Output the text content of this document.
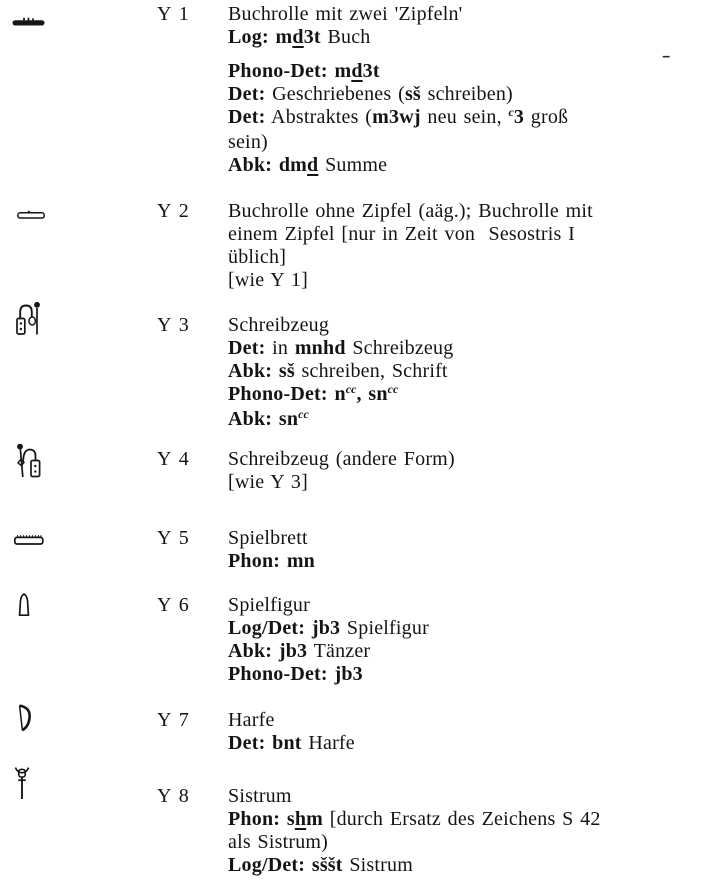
-
Y 1 Buchrolle mit zwei 'Zipfeln'
Log: md3t Buch
Phono-Det: md3t
Det: Geschriebenes (sš schreiben)
Det: Abstraktes (m3wj neu sein, $^c$3 groß
sein)
Abk: dmd Summe
Y 2 Buchrolle ohne Zipfel (aäg.); Buchrolle mit
einem Zipfel [nur in Zeit von  Sesostris I
üblich]
[wie Y 1]
Y 3 Schreibzeug
Det: in mnhd Schreibzeug
Abk: sš schreiben, Schrift
Phono-Det: $n^{cc}$, $sn^{cc}$
Abk: $sn^{cc}$
Y 4 Schreibzeug (andere Form)
[wie Y 3]
Y 5 Spielbrett
Phon: mn
Y 6 Spielfigur
Log/Det: jb3 Spielfigur
Abk: jb3 Tänzer
Phono-Det: jb3
Y 7 Harfe
Det: bnt Harfe
Y 8 Sistrum
Phon: shm [durch Ersatz des Zeichens S 42
als Sistrum)
Log/Det: sššt Sistrum
